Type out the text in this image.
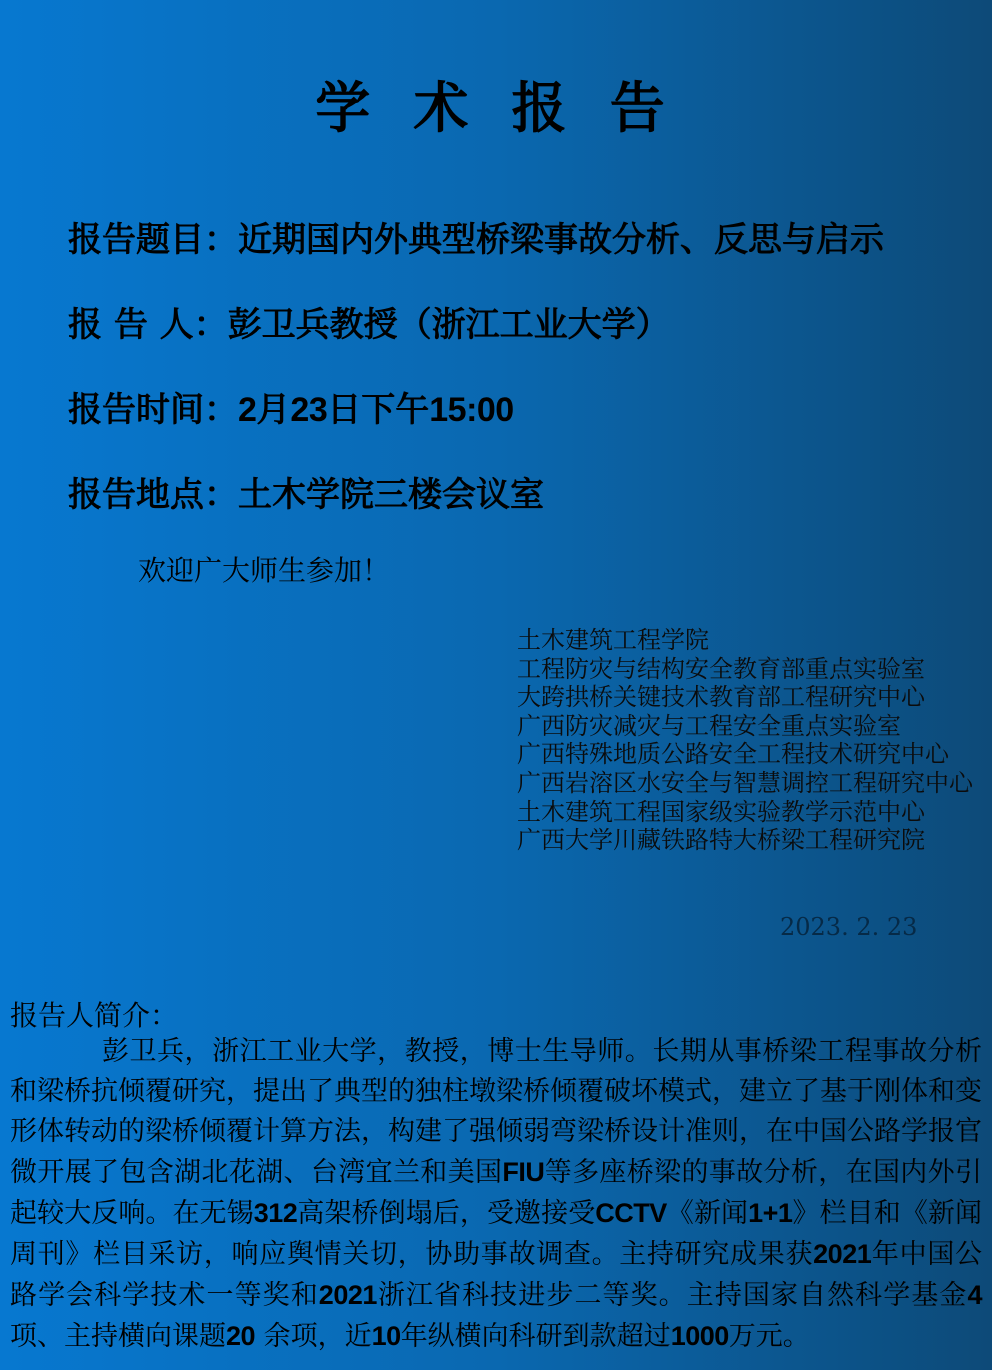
学 术 报 告
报告题目：近期国内外典型桥梁事故分析、反思与启示
报 告 人：彭卫兵教授（浙江工业大学）
报告时间：2月23日下午15:00
报告地点：土木学院三楼会议室
欢迎广大师生参加！
土木建筑工程学院
工程防灾与结构安全教育部重点实验室
大跨拱桥关键技术教育部工程研究中心
广西防灾减灾与工程安全重点实验室
广西特殊地质公路安全工程技术研究中心
广西岩溶区水安全与智慧调控工程研究中心
土木建筑工程国家级实验教学示范中心
广西大学川藏铁路特大桥梁工程研究院
2023. 2. 23
报告人简介：
彭卫兵，浙江工业大学，教授，博士生导师。长期从事桥梁工程事故分析和梁桥抗倾覆研究，提出了典型的独柱墩梁桥倾覆破坏模式，建立了基于刚体和变形体转动的梁桥倾覆计算方法，构建了强倾弱弯梁桥设计准则，在中国公路学报官微开展了包含湖北花湖、台湾宜兰和美国FIU等多座桥梁的事故分析，在国内外引起较大反响。在无锡312高架桥倒塌后，受邀接受CCTV《新闻1+1》栏目和《新闻周刊》栏目采访，响应舆情关切，协助事故调查。主持研究成果获2021年中国公路学会科学技术一等奖和2021浙江省科技进步二等奖。主持国家自然科学基金4项、主持横向课题20 余项，近10年纵横向科研到款超过1000万元。
